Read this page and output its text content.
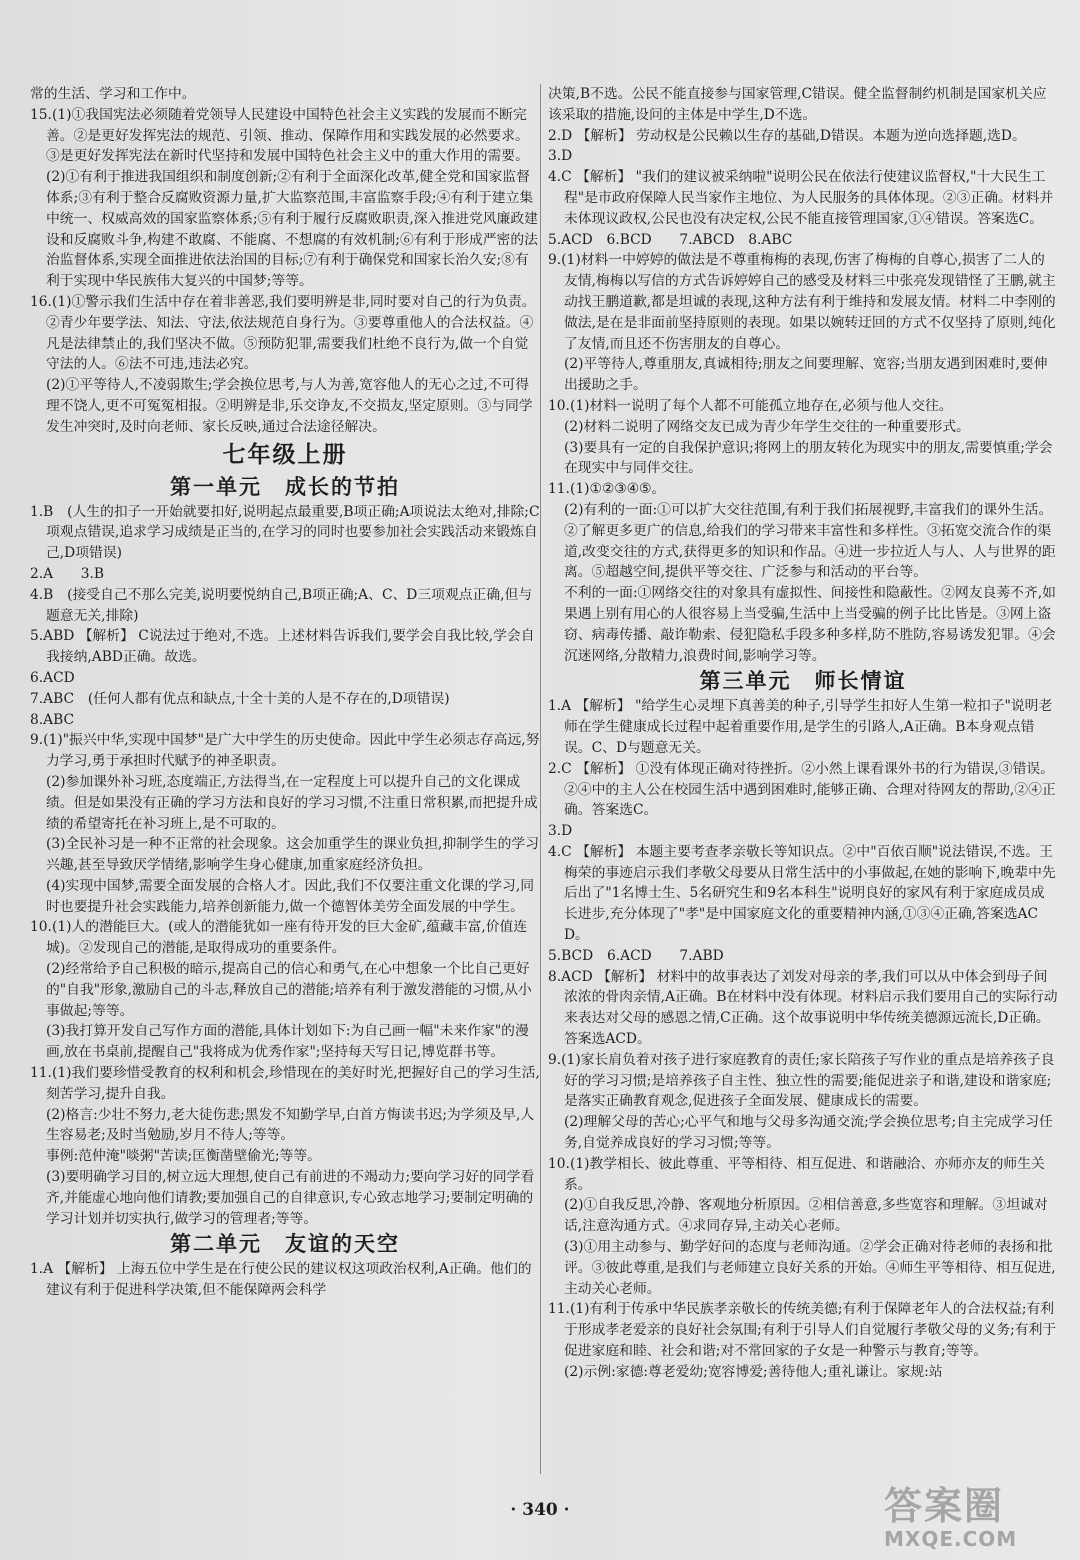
常的生活、学习和工作中。

15.(1)①我国宪法必须随着党领导人民建设中国特色社会主义实践的发展而不断完善。②是更好发挥宪法的规范、引领、推动、保障作用和实践发展的必然要求。③是更好发挥宪法在新时代坚持和发展中国特色社会主义中的重大作用的需要。

(2)①有利于推进我国组织和制度创新;②有利于全面深化改革,健全党和国家监督体系;③有利于整合反腐败资源力量,扩大监察范围,丰富监察手段;④有利于建立集中统一、权威高效的国家监察体系;⑤有利于履行反腐败职责,深入推进党风廉政建设和反腐败斗争,构建不敢腐、不能腐、不想腐的有效机制;⑥有利于形成严密的法治监督体系,实现全面推进依法治国的目标;⑦有利于确保党和国家长治久安;⑧有利于实现中华民族伟大复兴的中国梦;等等。

16.(1)①警示我们生活中存在着非善恶,我们要明辨是非,同时要对自己的行为负责。②青少年要学法、知法、守法,依法规范自身行为。③要尊重他人的合法权益。④凡是法律禁止的,我们坚决不做。⑤预防犯罪,需要我们杜绝不良行为,做一个自觉守法的人。⑥法不可违,违法必究。

(2)①平等待人,不凌弱欺生;学会换位思考,与人为善,宽容他人的无心之过,不可得理不饶人,更不可冤冤相报。②明辨是非,乐交诤友,不交损友,坚定原则。③与同学发生冲突时,及时向老师、家长反映,通过合法途径解决。

七年级上册

第一单元　成长的节拍

1.B　(人生的扣子一开始就要扣好,说明起点最重要,B项正确;A项说法太绝对,排除;C项观点错误,追求学习成绩是正当的,在学习的同时也要参加社会实践活动来锻炼自己,D项错误)

2.A　　3.B

4.B　(接受自己不那么完美,说明要悦纳自己,B项正确;A、C、D三项观点正确,但与题意无关,排除)

5.ABD 【解析】 C说法过于绝对,不选。上述材料告诉我们,要学会自我比较,学会自我接纳,ABD正确。故选。

6.ACD

7.ABC　(任何人都有优点和缺点,十全十美的人是不存在的,D项错误)

8.ABC

9.(1)"振兴中华,实现中国梦"是广大中学生的历史使命。因此中学生必须志存高远,努力学习,勇于承担时代赋予的神圣职责。

(2)参加课外补习班,态度端正,方法得当,在一定程度上可以提升自己的文化课成绩。但是如果没有正确的学习方法和良好的学习习惯,不注重日常积累,而把提升成绩的希望寄托在补习班上,是不可取的。

(3)全民补习是一种不正常的社会现象。这会加重学生的课业负担,抑制学生的学习兴趣,甚至导致厌学情绪,影响学生身心健康,加重家庭经济负担。

(4)实现中国梦,需要全面发展的合格人才。因此,我们不仅要注重文化课的学习,同时也要提升社会实践能力,培养创新能力,做一个德智体美劳全面发展的中学生。

10.(1)人的潜能巨大。(或人的潜能犹如一座有待开发的巨大金矿,蕴藏丰富,价值连城)。②发现自己的潜能,是取得成功的重要条件。

(2)经常给予自己积极的暗示,提高自己的信心和勇气,在心中想象一个比自己更好的"自我"形象,激励自己的斗志,释放自己的潜能;培养有利于激发潜能的习惯,从小事做起;等等。

(3)我打算开发自己写作方面的潜能,具体计划如下:为自己画一幅"未来作家"的漫画,放在书桌前,提醒自己"我将成为优秀作家";坚持每天写日记,博览群书等。

11.(1)我们要珍惜受教育的权利和机会,珍惜现在的美好时光,把握好自己的学习生活,刻苦学习,提升自我。

(2)格言:少壮不努力,老大徒伤悲;黑发不知勤学早,白首方悔读书迟;为学须及早,人生容易老;及时当勉励,岁月不待人;等等。

事例:范仲淹"啖粥"苦读;匡衡凿壁偷光;等等。

(3)要明确学习目的,树立远大理想,使自己有前进的不竭动力;要向学习好的同学看齐,并能虚心地向他们请教;要加强自己的自律意识,专心致志地学习;要制定明确的学习计划并切实执行,做学习的管理者;等等。

第二单元　友谊的天空

1.A 【解析】 上海五位中学生是在行使公民的建议权这项政治权利,A正确。他们的建议有利于促进科学决策,但不能保障两会科学

决策,B不选。公民不能直接参与国家管理,C错误。健全监督制约机制是国家机关应该采取的措施,设问的主体是中学生,D不选。

2.D 【解析】 劳动权是公民赖以生存的基础,D错误。本题为逆向选择题,选D。

3.D

4.C 【解析】 "我们的建议被采纳啦"说明公民在依法行使建议监督权,"十大民生工程"是市政府保障人民当家作主地位、为人民服务的具体体现。②③正确。材料并未体现议政权,公民也没有决定权,公民不能直接管理国家,①④错误。答案选C。

5.ACD　6.BCD　　7.ABCD　8.ABC

9.(1)材料一中婷婷的做法是不尊重梅梅的表现,伤害了梅梅的自尊心,损害了二人的友情,梅梅以写信的方式告诉婷婷自己的感受及材料三中张亮发现错怪了王鹏,就主动找王鹏道歉,都是坦诚的表现,这种方法有利于维持和发展友情。材料二中李刚的做法,是在是非面前坚持原则的表现。如果以婉转迂回的方式不仅坚持了原则,纯化了友情,而且还不伤害朋友的自尊心。

(2)平等待人,尊重朋友,真诚相待;朋友之间要理解、宽容;当朋友遇到困难时,要伸出援助之手。

10.(1)材料一说明了每个人都不可能孤立地存在,必须与他人交往。

(2)材料二说明了网络交友已成为青少年学生交往的一种重要形式。

(3)要具有一定的自我保护意识;将网上的朋友转化为现实中的朋友,需要慎重;学会在现实中与同伴交往。

11.(1)①②③④⑤。

(2)有利的一面:①可以扩大交往范围,有利于我们拓展视野,丰富我们的课外生活。②了解更多更广的信息,给我们的学习带来丰富性和多样性。③拓宽交流合作的渠道,改变交往的方式,获得更多的知识和作品。④进一步拉近人与人、人与世界的距离。⑤超越空间,提供平等交往、广泛参与和活动的平台等。

不利的一面:①网络交往的对象具有虚拟性、间接性和隐蔽性。②网友良莠不齐,如果遇上别有用心的人很容易上当受骗,生活中上当受骗的例子比比皆是。③网上盗窃、病毒传播、敲诈勒索、侵犯隐私手段多种多样,防不胜防,容易诱发犯罪。④会沉迷网络,分散精力,浪费时间,影响学习等。

第三单元　师长情谊

1.A 【解析】 "给学生心灵埋下真善美的种子,引导学生扣好人生第一粒扣子"说明老师在学生健康成长过程中起着重要作用,是学生的引路人,A正确。B本身观点错误。C、D与题意无关。

2.C 【解析】 ①没有体现正确对待挫折。②小然上课看课外书的行为错误,③错误。②④中的主人公在校园生活中遇到困难时,能够正确、合理对待网友的帮助,②④正确。答案选C。

3.D

4.C 【解析】 本题主要考查孝亲敬长等知识点。②中"百依百顺"说法错误,不选。王梅荣的事迹启示我们孝敬父母要从日常生活中的小事做起,在她的影响下,晚辈中先后出了"1名博士生、5名研究生和9名本科生"说明良好的家风有利于家庭成员成长进步,充分体现了"孝"是中国家庭文化的重要精神内涵,①③④正确,答案选ACD。

5.BCD　6.ACD　　7.ABD

8.ACD 【解析】 材料中的故事表达了刘发对母亲的孝,我们可以从中体会到母子间浓浓的骨肉亲情,A正确。B在材料中没有体现。材料启示我们要用自己的实际行动来表达对父母的感恩之情,C正确。这个故事说明中华传统美德源远流长,D正确。答案选ACD。

9.(1)家长肩负着对孩子进行家庭教育的责任;家长陪孩子写作业的重点是培养孩子良好的学习习惯;是培养孩子自主性、独立性的需要;能促进亲子和谐,建设和谐家庭;是落实正确教育观念,促进孩子全面发展、健康成长的需要。

(2)理解父母的苦心;心平气和地与父母多沟通交流;学会换位思考;自主完成学习任务,自觉养成良好的学习习惯;等等。

10.(1)教学相长、彼此尊重、平等相待、相互促进、和谐融洽、亦师亦友的师生关系。

(2)①自我反思,冷静、客观地分析原因。②相信善意,多些宽容和理解。③坦诚对话,注意沟通方式。④求同存异,主动关心老师。

(3)①用主动参与、勤学好问的态度与老师沟通。②学会正确对待老师的表扬和批评。③彼此尊重,是我们与老师建立良好关系的开始。④师生平等相待、相互促进,主动关心老师。

11.(1)有利于传承中华民族孝亲敬长的传统美德;有利于保障老年人的合法权益;有利于形成孝老爱亲的良好社会氛围;有利于引导人们自觉履行孝敬父母的义务;有利于促进家庭和睦、社会和谐;对不常回家的子女是一种警示与教育;等等。

(2)示例:家德:尊老爱幼;宽容博爱;善待他人;重礼谦让。家规:站

· 340 ·	答案圈
MXQE.COM
